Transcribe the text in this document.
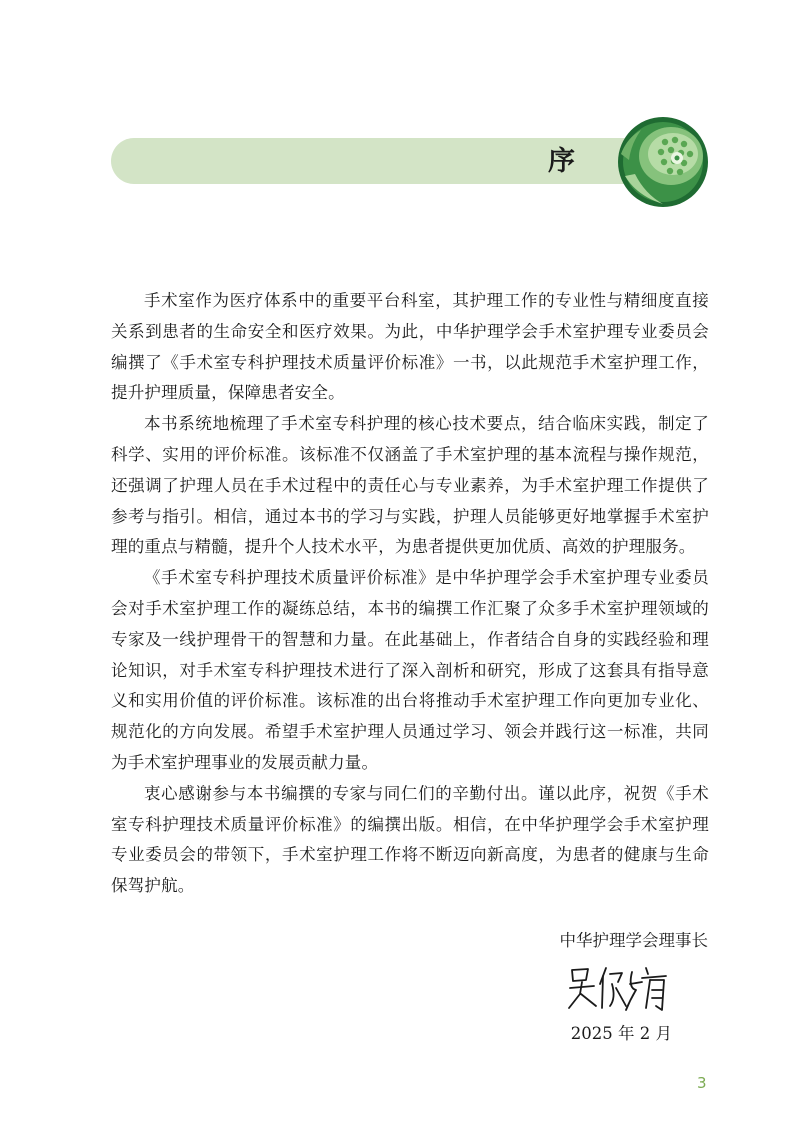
序

手术室作为医疗体系中的重要平台科室，其护理工作的专业性与精细度直接关系到患者的生命安全和医疗效果。为此，中华护理学会手术室护理专业委员会编撰了《手术室专科护理技术质量评价标准》一书，以此规范手术室护理工作，提升护理质量，保障患者安全。

本书系统地梳理了手术室专科护理的核心技术要点，结合临床实践，制定了科学、实用的评价标准。该标准不仅涵盖了手术室护理的基本流程与操作规范，还强调了护理人员在手术过程中的责任心与专业素养，为手术室护理工作提供了参考与指引。相信，通过本书的学习与实践，护理人员能够更好地掌握手术室护理的重点与精髓，提升个人技术水平，为患者提供更加优质、高效的护理服务。

《手术室专科护理技术质量评价标准》是中华护理学会手术室护理专业委员会对手术室护理工作的凝练总结，本书的编撰工作汇聚了众多手术室护理领域的专家及一线护理骨干的智慧和力量。在此基础上，作者结合自身的实践经验和理论知识，对手术室专科护理技术进行了深入剖析和研究，形成了这套具有指导意义和实用价值的评价标准。该标准的出台将推动手术室护理工作向更加专业化、规范化的方向发展。希望手术室护理人员通过学习、领会并践行这一标准，共同为手术室护理事业的发展贡献力量。

衷心感谢参与本书编撰的专家与同仁们的辛勤付出。谨以此序，祝贺《手术室专科护理技术质量评价标准》的编撰出版。相信，在中华护理学会手术室护理专业委员会的带领下，手术室护理工作将不断迈向新高度，为患者的健康与生命保驾护航。

中华护理学会理事长
2025 年 2 月
3
